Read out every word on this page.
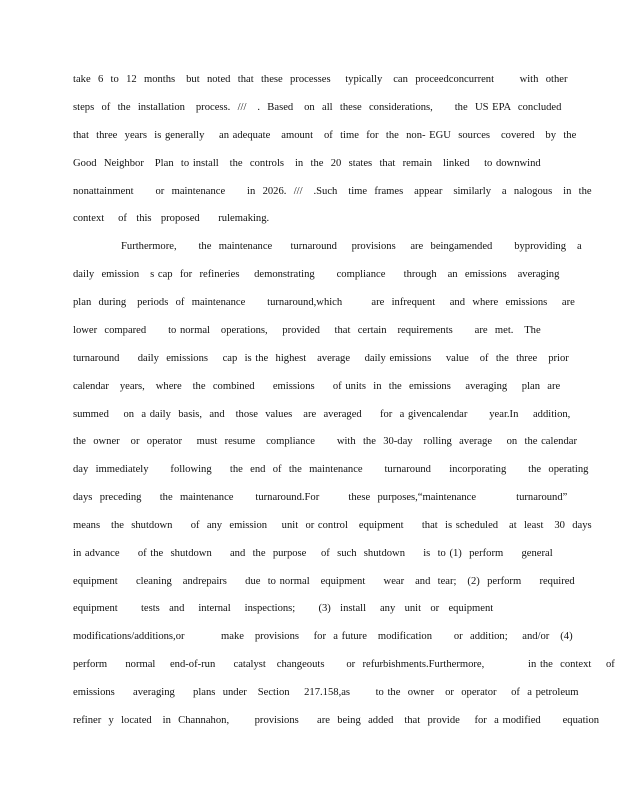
take  6  to  12  months   but  noted  that  these  processes    typically   can  proceedconcurrent       with  other
steps  of  the  installation   process.  ///   .  Based   on  all  these  considerations,      the  US EPA  concluded
that  three  years  is generally    an adequate   amount   of  time  for  the  non- EGU  sources   covered   by  the
Good  Neighbor   Plan  to install   the  controls   in  the  20  states  that  remain   linked    to downwind
nonattainment      or  maintenance      in  2026.  ///   .Such   time  frames   appear   similarly   a  nalogous   in  the
context   of  this  proposed    rulemaking.
Furthermore,      the  maintenance     turnaround    provisions    are  beingamended      byproviding   a
daily  emission   s cap  for  refineries    demonstrating      compliance     through   an  emissions   averaging
plan  during   periods  of  maintenance      turnaround,which        are  infrequent    and  where  emissions    are
lower  compared      to normal   operations,    provided    that  certain   requirements      are  met.   The
turnaround     daily  emissions    cap  is the  highest   average    daily emissions    value   of  the  three   prior
calendar   years,   where   the  combined     emissions     of units  in  the  emissions    averaging    plan  are
summed    on  a daily  basis,  and   those  values   are  averaged     for  a givencalendar      year.In    addition,
the  owner   or  operator    must  resume   compliance      with  the  30-day   rolling  average    on  the calendar
day  immediately      following     the  end  of  the  maintenance      turnaround     incorporating      the  operating
days  preceding     the  maintenance      turnaround.For        these  purposes,“maintenance           turnaround”
means   the  shutdown     of  any  emission    unit  or control   equipment     that  is scheduled   at  least   30  days
in advance     of the  shutdown     and  the  purpose    of  such  shutdown     is  to (1)  perform     general
equipment     cleaning   andrepairs     due  to normal   equipment     wear   and  tear;   (2)  perform     required
equipment     tests  and   internal   inspections;     (3)  install   any  unit  or  equipment
modifications/additions,or          make   provisions    for  a future   modification      or  addition;    and/or   (4)
perform     normal    end-of-run     catalyst   changeouts      or  refurbishments.Furthermore,            in the  context    of
emissions     averaging     plans  under   Section    217.158,as       to the  owner   or  operator    of  a petroleum
refiner  y  located   in  Channahon,       provisions     are  being  added   that  provide    for  a modified      equation
